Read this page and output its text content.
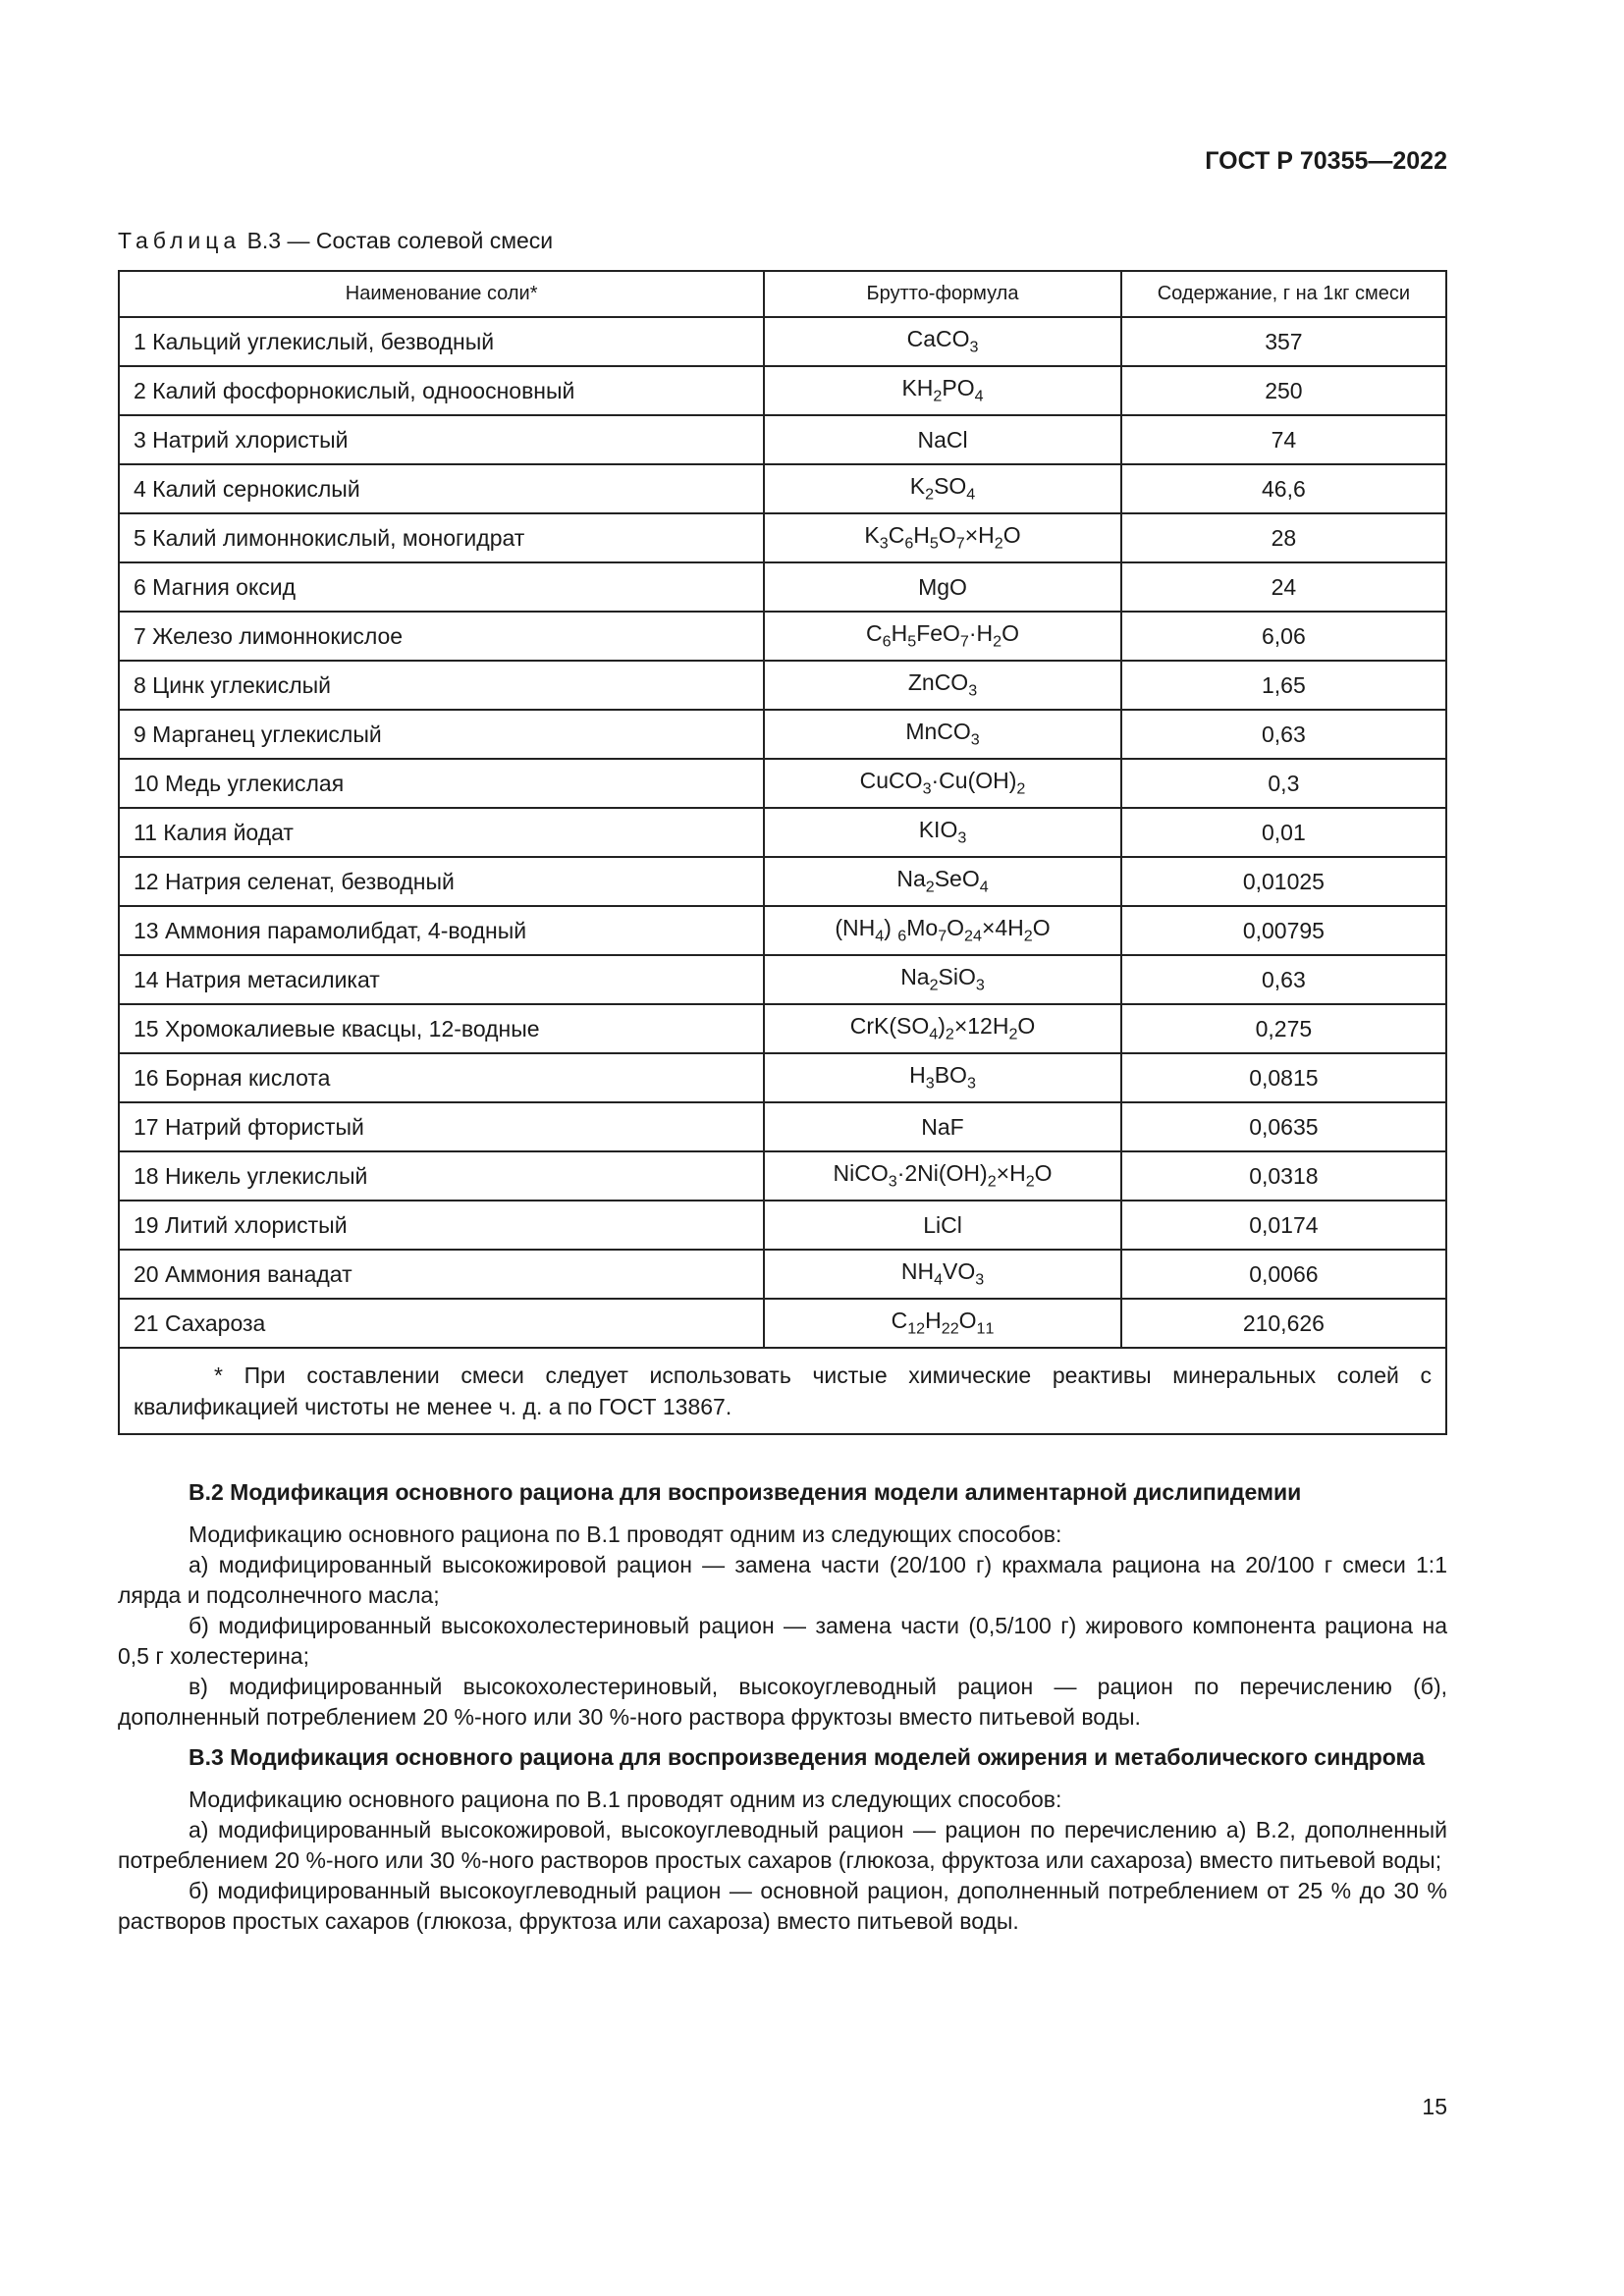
ГОСТ Р 70355—2022
Таблица В.3 — Состав солевой смеси
Наименование соли*	Брутто-формула	Содержание, г на 1кг смеси
1 Кальций углекислый, безводный	CaCO$_3$	357
2 Калий фосфорнокислый, одноосновный	$KH_2PO_4$	250
3 Натрий хлористый	NaCl	74
4 Калий сернокислый	$K_2SO_4$	46,6
5 Калий лимоннокислый, моногидрат	$K_3C_6H_5O_7\times H_2O$	28
6 Магния оксид	MgO	24
7 Железо лимоннокислое	$C_6H_5FeO_7\cdot H_2O$	6,06
8 Цинк углекислый	ZnCO$_3$	1,65
9 Марганец углекислый	MnCO$_3$	0,63
10 Медь углекислая	$CuCO_3\cdot Cu(OH)_2$	0,3
11 Калия йодат	$KIO_3$	0,01
12 Натрия селенат, безводный	$Na_2SeO_4$	0,01025
13 Аммония парамолибдат, 4-водный	$(NH_4)$ $_6Mo_7O_{24}\times 4H_2O$	0,00795
14 Натрия метасиликат	$Na_2SiO_3$	0,63
15 Хромокалиевые квасцы, 12-водные	$CrK(SO_4)_2\times 12H_2O$	0,275
16 Борная кислота	$H_3BO_3$	0,0815
17 Натрий фтористый	NaF	0,0635
18 Никель углекислый	$NiCO_3\cdot 2Ni(OH)_2\times H_2O$	0,0318
19 Литий хлористый	LiCl	0,0174
20 Аммония ванадат	$NH_4VO_3$	0,0066
21 Сахароза	$C_{12}H_{22}O_{11}$	210,626

* При составлении смеси следует использовать чистые химические реактивы минеральных солей с квалификацией чистоты не менее ч. д. а по ГОСТ 13867.		

В.2 Модификация основного рациона для воспроизведения модели алиментарной дислипидемии

Модификацию основного рациона по В.1 проводят одним из следующих способов:

а) модифицированный высокожировой рацион — замена части (20/100 г) крахмала рациона на 20/100 г смеси 1:1 лярда и подсолнечного масла;

б) модифицированный высокохолестериновый рацион — замена части (0,5/100 г) жирового компонента рациона на 0,5 г холестерина;

в) модифицированный высокохолестериновый, высокоуглеводный рацион — рацион по перечислению (б), дополненный потреблением 20 %-ного или 30 %-ного раствора фруктозы вместо питьевой воды.

В.3 Модификация основного рациона для воспроизведения моделей ожирения и метаболического синдрома

Модификацию основного рациона по В.1 проводят одним из следующих способов:

а) модифицированный высокожировой, высокоуглеводный рацион — рацион по перечислению а) В.2, дополненный потреблением 20 %-ного или 30 %-ного растворов простых сахаров (глюкоза, фруктоза или сахароза) вместо питьевой воды;

б) модифицированный высокоуглеводный рацион — основной рацион, дополненный потреблением от 25 % до 30 % растворов простых сахаров (глюкоза, фруктоза или сахароза) вместо питьевой воды.

15
